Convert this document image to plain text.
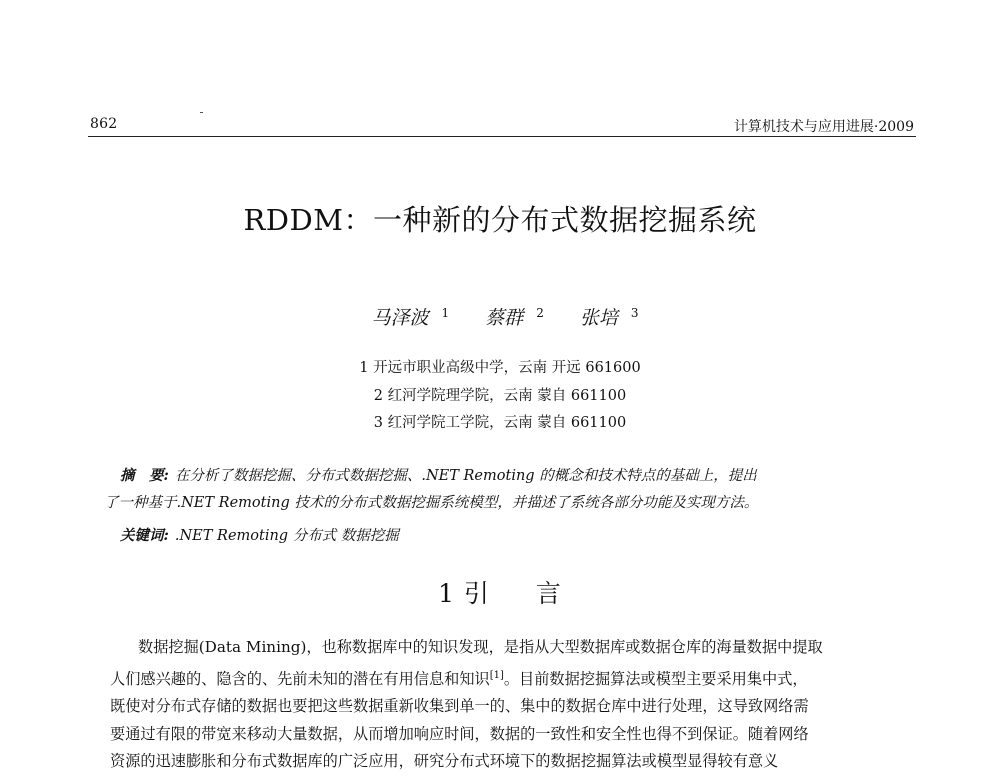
862	计算机技术与应用进展·2009
RDDM：一种新的分布式数据挖掘系统
马泽波 $^1$ 蔡群 $^2$ 张培 $^3$
1 开远市职业高级中学，云南 开远 661600
2 红河学院理学院，云南 蒙自 661100
3 红河学院工学院，云南 蒙自 661100
摘　要: 在分析了数据挖掘、分布式数据挖掘、.NET Remoting 的概念和技术特点的基础上，提出
了一种基于.NET Remoting 技术的分布式数据挖掘系统模型，并描述了系统各部分功能及实现方法。
关键词: .NET Remoting 分布式 数据挖掘
1 引 言

数据挖掘(Data Mining)，也称数据库中的知识发现，是指从大型数据库或数据仓库的海量数据中提取

人们感兴趣的、隐含的、先前未知的潜在有用信息和知识[1]。目前数据挖掘算法或模型主要采用集中式，

既使对分布式存储的数据也要把这些数据重新收集到单一的、集中的数据仓库中进行处理，这导致网络需

要通过有限的带宽来移动大量数据，从而增加响应时间，数据的一致性和安全性也得不到保证。随着网络

资源的迅速膨胀和分布式数据库的广泛应用，研究分布式环境下的数据挖掘算法或模型显得较有意义
